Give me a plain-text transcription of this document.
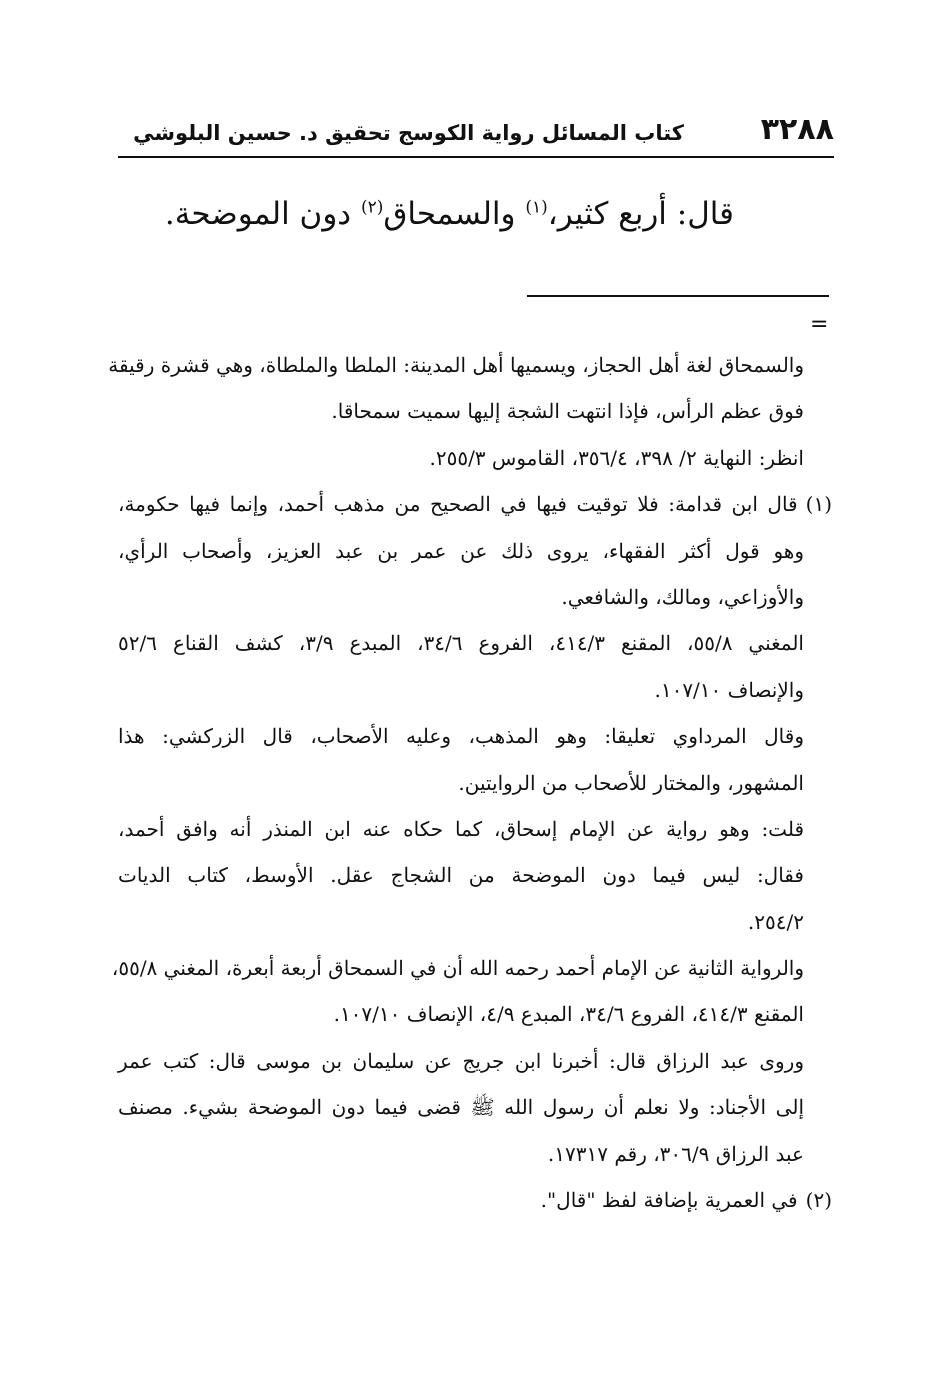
٣٢٨٨
كتاب المسائل رواية الكوسج تحقيق د. حسين البلوشي
قال: أربع كثير،$^{(١)}$ والسمحاق$^{(٢)}$ دون الموضحة.
=
والسمحاق لغة أهل الحجاز، ويسميها أهل المدينة: الملطا والملطاة، وهي قشرة رقيقة
فوق عظم الرأس، فإذا انتهت الشجة إليها سميت سمحاقا.
انظر: النهاية ٢/ ٣٩٨، ٣٥٦/٤، القاموس ٢٥٥/٣.
(١)قال ابن قدامة: فلا توقيت فيها في الصحيح من مذهب أحمد، وإنما فيها حكومة،
وهو قول أكثر الفقهاء، يروى ذلك عن عمر بن عبد العزيز، وأصحاب الرأي،
والأوزاعي، ومالك، والشافعي.
المغني ٥٥/٨، المقنع ٤١٤/٣، الفروع ٣٤/٦، المبدع ٣/٩، كشف القناع ٥٢/٦
والإنصاف ١٠٧/١٠.
وقال المرداوي تعليقا: وهو المذهب، وعليه الأصحاب، قال الزركشي: هذا
المشهور، والمختار للأصحاب من الروايتين.
قلت: وهو رواية عن الإمام إسحاق، كما حكاه عنه ابن المنذر أنه وافق أحمد،
فقال: ليس فيما دون الموضحة من الشجاج عقل. الأوسط، كتاب الديات
٢٥٤/٢.
والرواية الثانية عن الإمام أحمد رحمه الله أن في السمحاق أربعة أبعرة، المغني ٥٥/٨،
المقنع ٤١٤/٣، الفروع ٣٤/٦، المبدع ٤/٩، الإنصاف ١٠٧/١٠.
وروى عبد الرزاق قال: أخبرنا ابن جريج عن سليمان بن موسى قال: كتب عمر
إلى الأجناد: ولا نعلم أن رسول الله ﷺ قضى فيما دون الموضحة بشيء. مصنف
عبد الرزاق ٣٠٦/٩، رقم ١٧٣١٧.
(٢)في العمرية بإضافة لفظ "قال".
